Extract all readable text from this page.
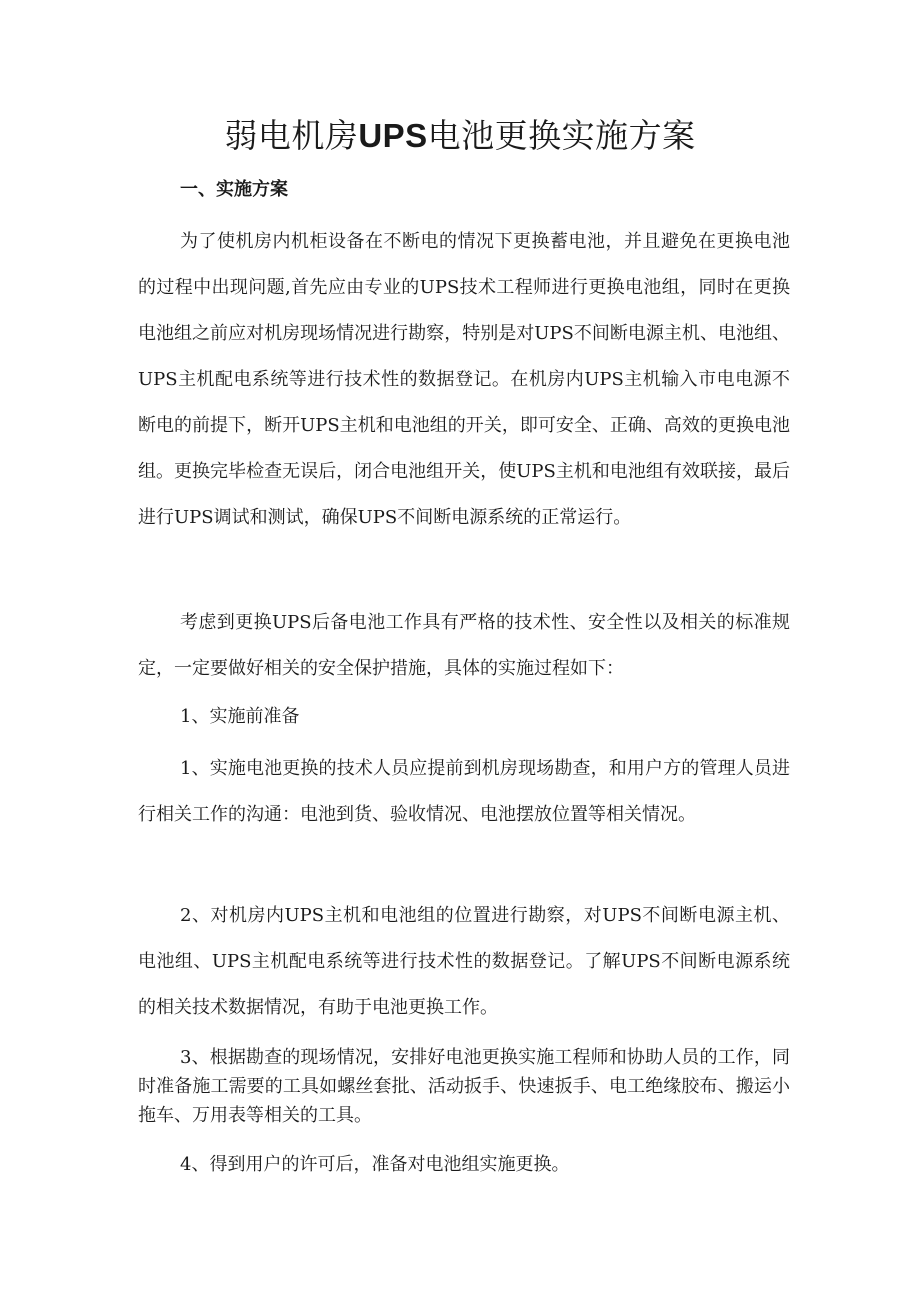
弱电机房UPS电池更换实施方案
一、实施方案

为了使机房内机柜设备在不断电的情况下更换蓄电池，并且避免在更换电池的过程中出现问题,首先应由专业的UPS技术工程师进行更换电池组，同时在更换电池组之前应对机房现场情况进行勘察，特别是对UPS不间断电源主机、电池组、UPS主机配电系统等进行技术性的数据登记。在机房内UPS主机输入市电电源不断电的前提下，断开UPS主机和电池组的开关，即可安全、正确、高效的更换电池组。更换完毕检查无误后，闭合电池组开关，使UPS主机和电池组有效联接，最后进行UPS调试和测试，确保UPS不间断电源系统的正常运行。

考虑到更换UPS后备电池工作具有严格的技术性、安全性以及相关的标准规定，一定要做好相关的安全保护措施，具体的实施过程如下：

1、实施前准备

1、实施电池更换的技术人员应提前到机房现场勘查，和用户方的管理人员进行相关工作的沟通：电池到货、验收情况、电池摆放位置等相关情况。

2、对机房内UPS主机和电池组的位置进行勘察，对UPS不间断电源主机、电池组、UPS主机配电系统等进行技术性的数据登记。了解UPS不间断电源系统的相关技术数据情况，有助于电池更换工作。

3、根据勘查的现场情况，安排好电池更换实施工程师和协助人员的工作，同时准备施工需要的工具如螺丝套批、活动扳手、快速扳手、电工绝缘胶布、搬运小拖车、万用表等相关的工具。

4、得到用户的许可后，准备对电池组实施更换。
